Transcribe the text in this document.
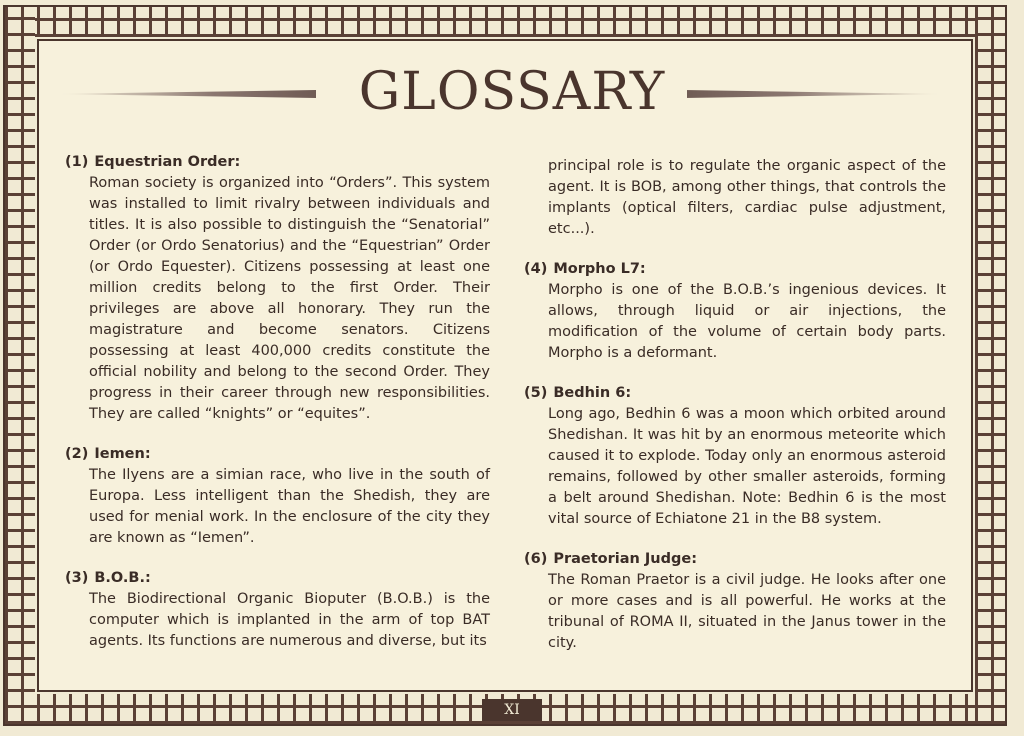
GLOSSARY
(1) Equestrian Order:
Roman society is organized into “Orders”. This system was installed to limit rivalry between individuals and titles. It is also possible to distinguish the “Senatorial” Order (or Ordo Senatorius) and the “Equestrian” Order (or Ordo Equester). Citizens possessing at least one million credits belong to the first Order. Their privileges are above all honorary. They run the magistrature and become senators. Citizens possessing at least 400,000 credits constitute the official nobility and belong to the second Order. They progress in their career through new responsibilities. They are called “knights” or “equites”.
(2) Iemen:
The Ilyens are a simian race, who live in the south of Europa. Less intelligent than the Shedish, they are used for menial work. In the enclosure of the city they are known as “Iemen”.
(3) B.O.B.:
The Biodirectional Organic Bioputer (B.O.B.) is the computer which is implanted in the arm of top BAT agents. Its functions are numerous and diverse, but its
principal role is to regulate the organic aspect of the agent. It is BOB, among other things, that controls the implants (optical filters, cardiac pulse adjustment, etc...).
(4) Morpho L7:
Morpho is one of the B.O.B.’s ingenious devices. It allows, through liquid or air injections, the modification of the volume of certain body parts. Morpho is a deformant.
(5) Bedhin 6:
Long ago, Bedhin 6 was a moon which orbited around Shedishan. It was hit by an enormous meteorite which caused it to explode. Today only an enormous asteroid remains, followed by other smaller asteroids, forming a belt around Shedishan. Note: Bedhin 6 is the most vital source of Echiatone 21 in the B8 system.
(6) Praetorian Judge:
The Roman Praetor is a civil judge. He looks after one or more cases and is all powerful. He works at the tribunal of ROMA II, situated in the Janus tower in the city.
XI
